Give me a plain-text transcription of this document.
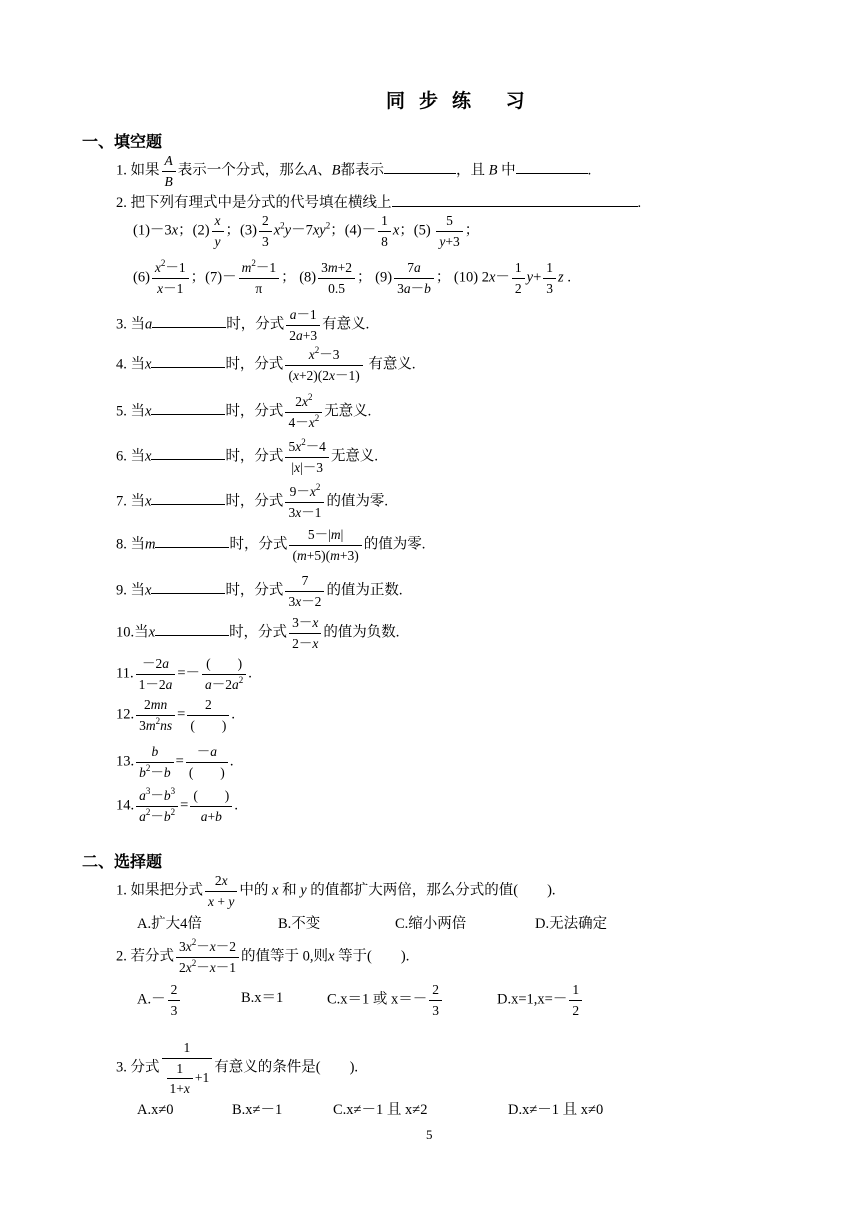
同步练 习
一、填空题
1. 如果 $\frac{A}{B}$ 表示一个分式，那么A、B都表示	，且 B 中	.
2. 把下列有理式中是分式的代号填在横线上	.
(1)－3x；$(2) \frac{x}{y}$ ；$(3) \frac{2}{3} x^2y-7xy^2$；$(4)- \frac{1}{8}$ x；$(5) \frac{5}{y+3}$ ；
$(6) \frac{x^2-1}{x-1}$ ；$(7)- \frac{m^2-1}{\pi}$ ； $(8) \frac{3m+2}{0.5}$ ； $(9) \frac{7a}{3a-b}$ ； (10) $2x- \frac{1}{2} y+ \frac{1}{3}$ z .
3. 当a	时，分式 $\frac{a-1}{2a+3}$ 有意义.
4. 当x	时，分式 $\frac{x^2-3}{(x+2)(2x-1)}$ 有意义.
5. 当x	时，分式 $\frac{2x^2}{4-x^2}$ 无意义.
6. 当x	时，分式 $\frac{5x^2-4}{|x|-3}$ 无意义.
7. 当x	时，分式 $\frac{9-x^2}{3x-1}$ 的值为零.
8. 当m	时，分式 $\frac{5-|m|}{(m+5)(m+3)}$ 的值为零.
9. 当x	时，分式 $\frac{7}{3x-2}$ 的值为正数.
10.当x	时，分式 $\frac{3-x}{2-x}$ 的值为负数.
11. $\frac{-2a}{1-2a} =- \frac{( )}{a-2a^2}$ .
12. $\frac{2mn}{3m^2ns} = \frac{2}{( )}$ .
13. $\frac{b}{b^2-b} = \frac{-a}{( )}$ .
14. $\frac{a^3-b^3}{a^2-b^2} = \frac{( )}{a+b}$ .
二、选择题
1. 如果把分式 $\frac{2x}{x + y}$ 中的 x 和 y 的值都扩大两倍，那么分式的值(　　).
A.扩大4倍	B.不变	C.缩小两倍	D.无法确定
2. 若分式 $\frac{3x^2-x-2}{2x^2-x-1}$ 的值等于 0,则x 等于(　　).
$A.- \frac{2}{3}$	B.x＝1	C.x＝1 或 $x=- \frac{2}{3}$	$D.x=1,x=- \frac{1}{2}$
3. 分式 $\frac{1}{\frac{1}{1+x} +1}$ 有意义的条件是(　　).
A.x≠0	B.x≠－1	C.x≠－1 且 x≠2	D.x≠－1 且 x≠0
5
